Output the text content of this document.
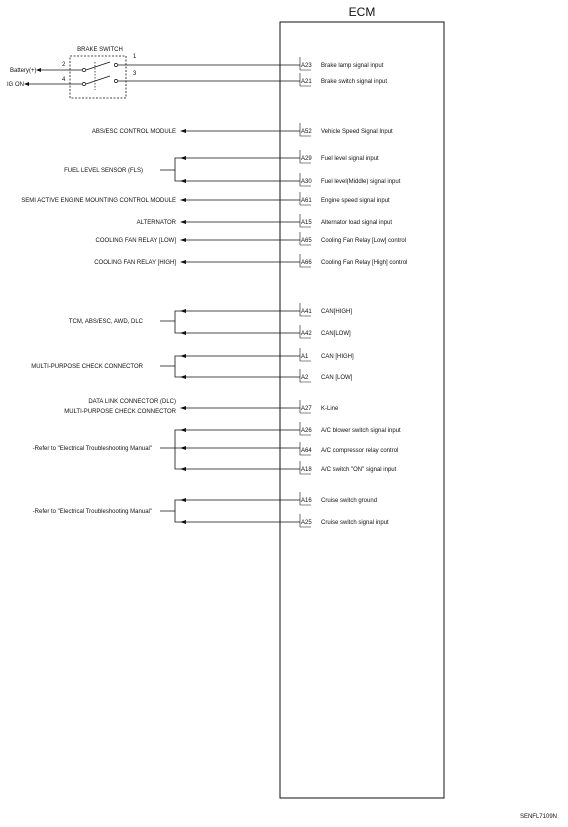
ECM
BRAKE SWITCH
1
2
3
4
Battery(+)
IG ON
A23 Brake lamp signal input
A21 Brake switch signal input
A52 Vehicle Speed Signal Input
A29 Fuel level signal input
A30 Fuel level(Middle) signal input
A61 Engine speed signal input
A15 Alternator load signal input
A65 Cooling Fan Relay [Low] control
A66 Cooling Fan Relay [High] control
A41 CAN[HIGH]
A42 CAN[LOW]
A1 CAN [HIGH]
A2 CAN [LOW]
A27 K-Line
A26 A/C blower switch signal input
A64 A/C compressor relay control
A18 A/C switch "ON" signal input
A16 Cruise switch ground
A25 Cruise switch signal input
ABS/ESC CONTROL MODULE
FUEL LEVEL SENSOR (FLS)
SEMI ACTIVE ENGINE MOUNTING CONTROL MODULE
ALTERNATOR
COOLING FAN RELAY [LOW]
COOLING FAN RELAY [HIGH]
TCM, ABS/ESC, AWD, DLC
MULTI-PURPOSE CHECK CONNECTOR
DATA LINK CONNECTOR (DLC)
MULTI-PURPOSE CHECK CONNECTOR
-Refer to "Electrical Troubleshooting Manual"
-Refer to "Electrical Troubleshooting Manual"
SENFL7109N
